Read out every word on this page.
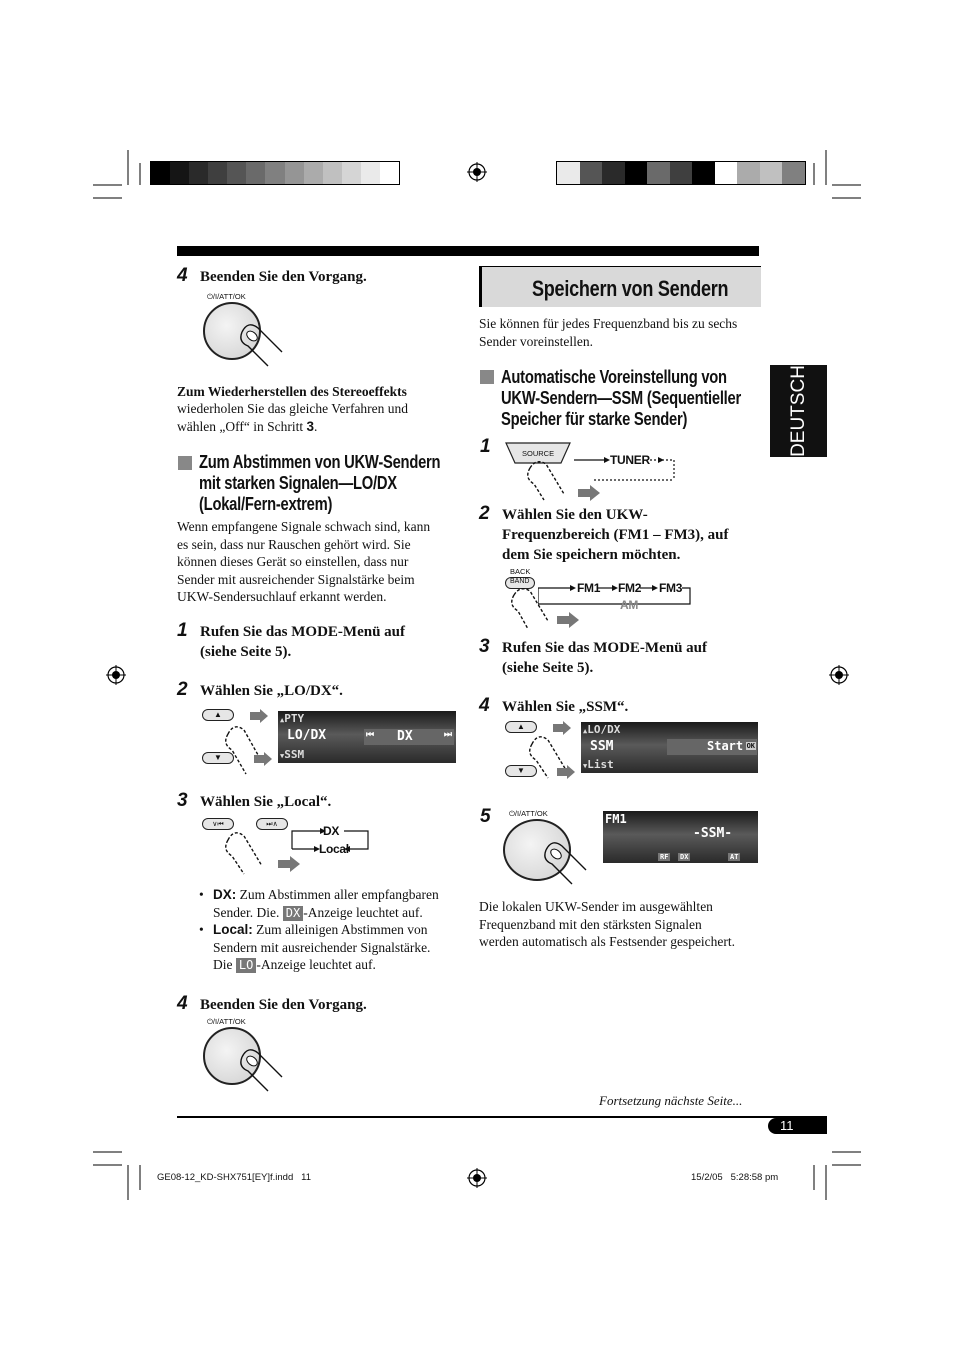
DEUTSCH
4 Beenden Sie den Vorgang.
⏻/I/ATT/OK
Zum Wiederherstellen des Stereoeffekts
wiederholen Sie das gleiche Verfahren und
wählen „Off“ in Schritt 3.
Zum Abstimmen von UKW-Sendern
mit starken Signalen—LO/DX
(Lokal/Fern-extrem)
Wenn empfangene Signale schwach sind, kann
es sein, dass nur Rauschen gehört wird. Sie
können dieses Gerät so einstellen, dass nur
Sender mit ausreichender Signalstärke beim
UKW-Sendersuchlauf erkannt werden.
1 Rufen Sie das MODE-Menü auf
(siehe Seite 5).
2 Wählen Sie „LO/DX“.
▲
▼
▲PTY
LO/DX
▼SSM
⏮ DX	⏭
3 Wählen Sie „Local“.
∨⏮	⏭∧	DX
Local
• DX: Zum Abstimmen aller empfangbaren
Sender. Die. DX -Anzeige leuchtet auf.
• Local: Zum alleinigen Abstimmen von
Sendern mit ausreichender Signalstärke.
Die LO -Anzeige leuchtet auf.
4 Beenden Sie den Vorgang.
⏻/I/ATT/OK
Speichern von Sendern
Sie können für jedes Frequenzband bis zu sechs
Sender voreinstellen.
Automatische Voreinstellung von
UKW-Sendern—SSM (Sequentieller
Speicher für starke Sender)
1	SOURCE	TUNER
2 Wählen Sie den UKW-
Frequenzbereich (FM1 – FM3), auf
dem Sie speichern möchten.
BACK
BAND	FM1 FM2 FM3
AM
3 Rufen Sie das MODE-Menü auf
(siehe Seite 5).
4 Wählen Sie „SSM“.
▲
▼
▲LO/DX
SSM
▼List
Start OK
5 ⏻/I/ATT/OK	FM1
-SSM-
RF DX	AT
Die lokalen UKW-Sender im ausgewählten
Frequenzband mit den stärksten Signalen
werden automatisch als Festsender gespeichert.
Fortsetzung nächste Seite...
11
GE08-12_KD-SHX751[EY]f.indd   11	15/2/05   5:28:58 pm
